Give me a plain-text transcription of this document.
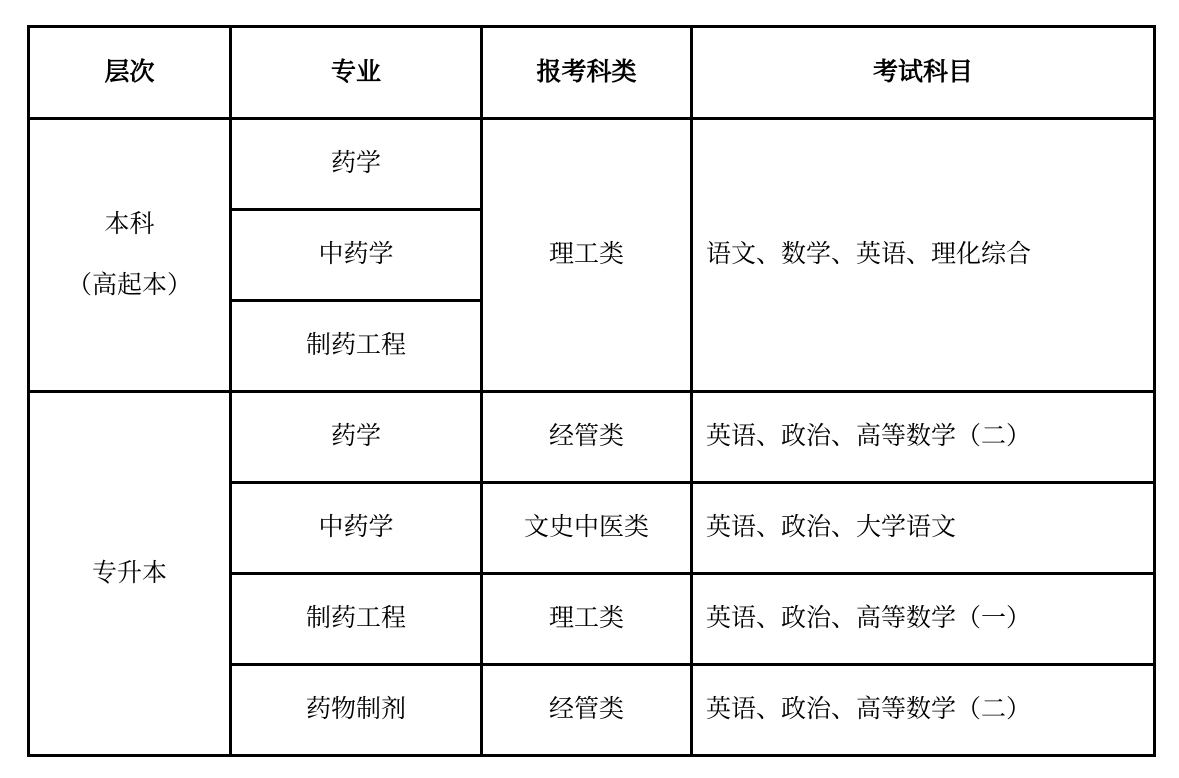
层次	专业	报考科类	考试科目

本科
（高起本）	药学	理工类	语文、数学、英语、理化综合
	中药学		
	制药工程		
专升本	药学	经管类	英语、政治、高等数学（二）
	中药学	文史中医类	英语、政治、大学语文
	制药工程	理工类	英语、政治、高等数学（一）
	药物制剂	经管类	英语、政治、高等数学（二）
